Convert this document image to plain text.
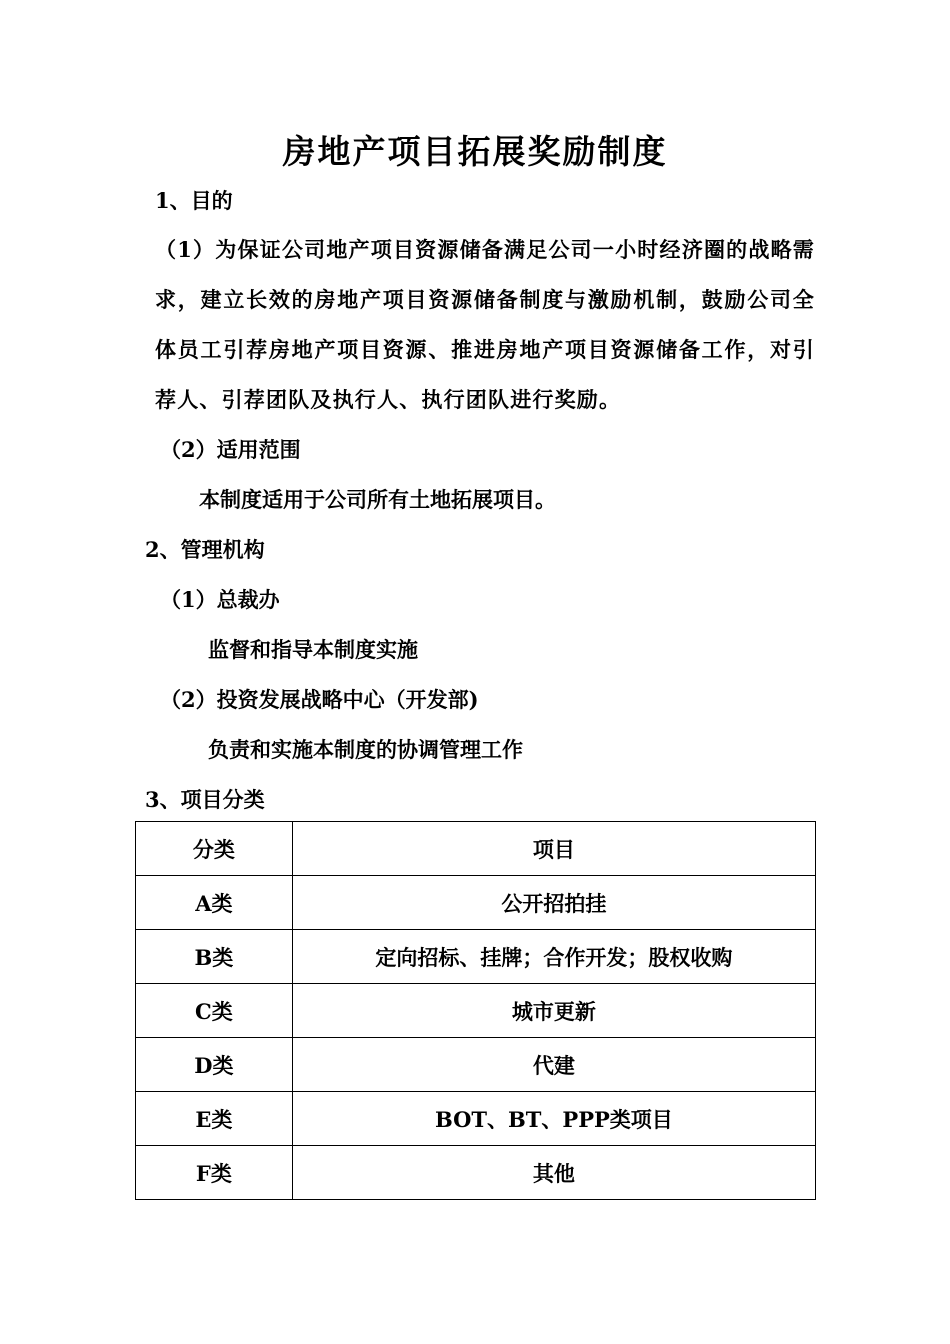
房地产项目拓展奖励制度
1、目的
（1）为保证公司地产项目资源储备满足公司一小时经济圈的战略需求，建立长效的房地产项目资源储备制度与激励机制，鼓励公司全体员工引荐房地产项目资源、推进房地产项目资源储备工作，对引荐人、引荐团队及执行人、执行团队进行奖励。
（2）适用范围
本制度适用于公司所有土地拓展项目。
2、管理机构
（1）总裁办
监督和指导本制度实施
（2）投资发展战略中心（开发部)
负责和实施本制度的协调管理工作
3、项目分类
分类	项目
A类	公开招拍挂
B类	定向招标、挂牌；合作开发；股权收购
C类	城市更新
D类	代建
E类	BOT、BT、PPP类项目
F类	其他
